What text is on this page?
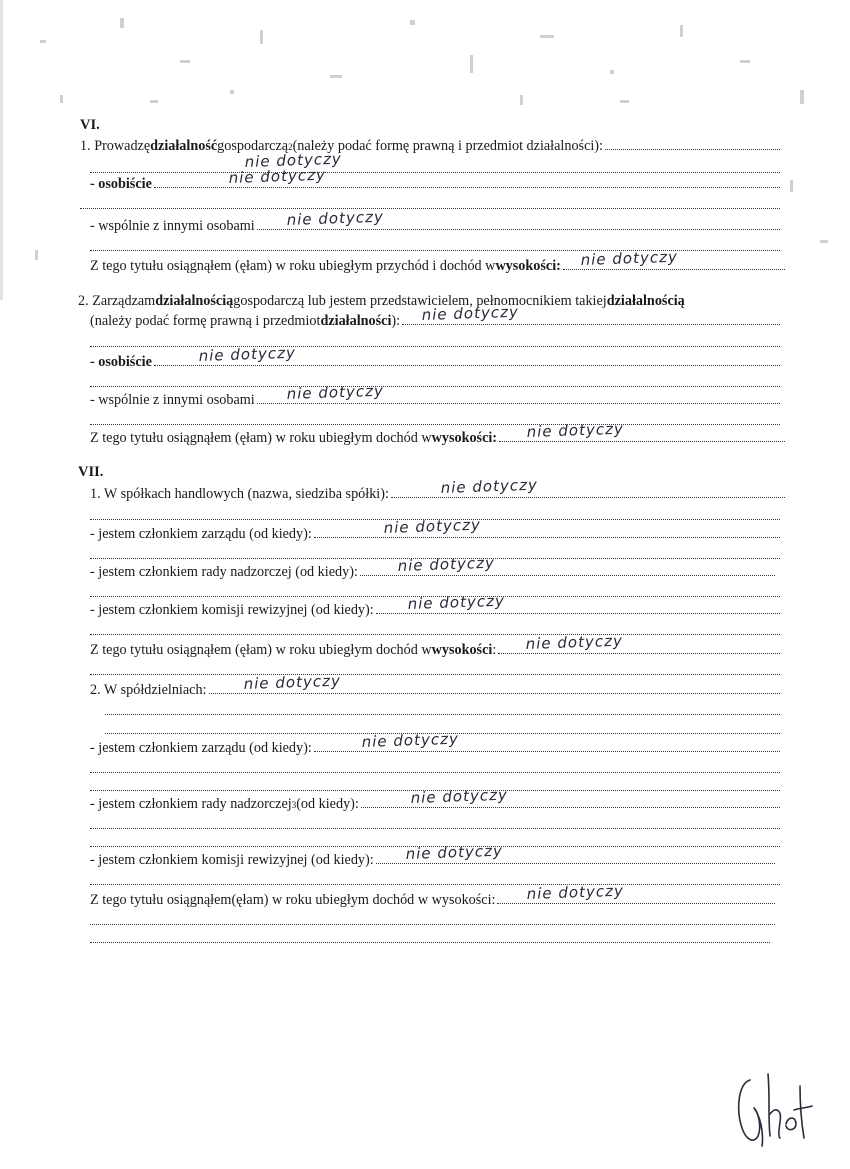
VI.
1. Prowadzę działalność gospodarczą 2 (należy podać formę prawną i przedmiot działalności):
nie dotyczy
- osobiście	nie dotyczy
- wspólnie z innymi osobami nie dotyczy
Z tego tytułu osiągnąłem (ęłam) w roku ubiegłym przychód i dochód w wysokości: nie dotyczy
2. Zarządzam działalnością gospodarczą lub jestem przedstawicielem, pełnomocnikiem takiej działalnością
(należy podać formę prawną i przedmiot działalności ): nie dotyczy
- osobiście	nie dotyczy
- wspólnie z innymi osobami nie dotyczy
Z tego tytułu osiągnąłem (ęłam) w roku ubiegłym dochód w wysokości: nie dotyczy
VII.
1. W spółkach handlowych (nazwa, siedziba spółki):	nie dotyczy
- jestem członkiem zarządu (od kiedy):	nie dotyczy
- jestem członkiem rady nadzorczej (od kiedy):	nie dotyczy
- jestem członkiem komisji rewizyjnej (od kiedy): nie dotyczy
Z tego tytułu osiągnąłem (ęłam) w roku ubiegłym dochód w wysokości : nie dotyczy
2. W spółdzielniach: nie dotyczy
- jestem członkiem zarządu (od kiedy):	nie dotyczy
- jestem członkiem rady nadzorczej 3 (od kiedy):	nie dotyczy
- jestem członkiem komisji rewizyjnej (od kiedy): nie dotyczy
Z tego tytułu osiągnąłem(ęłam) w roku ubiegłym dochód w wysokości: nie dotyczy
